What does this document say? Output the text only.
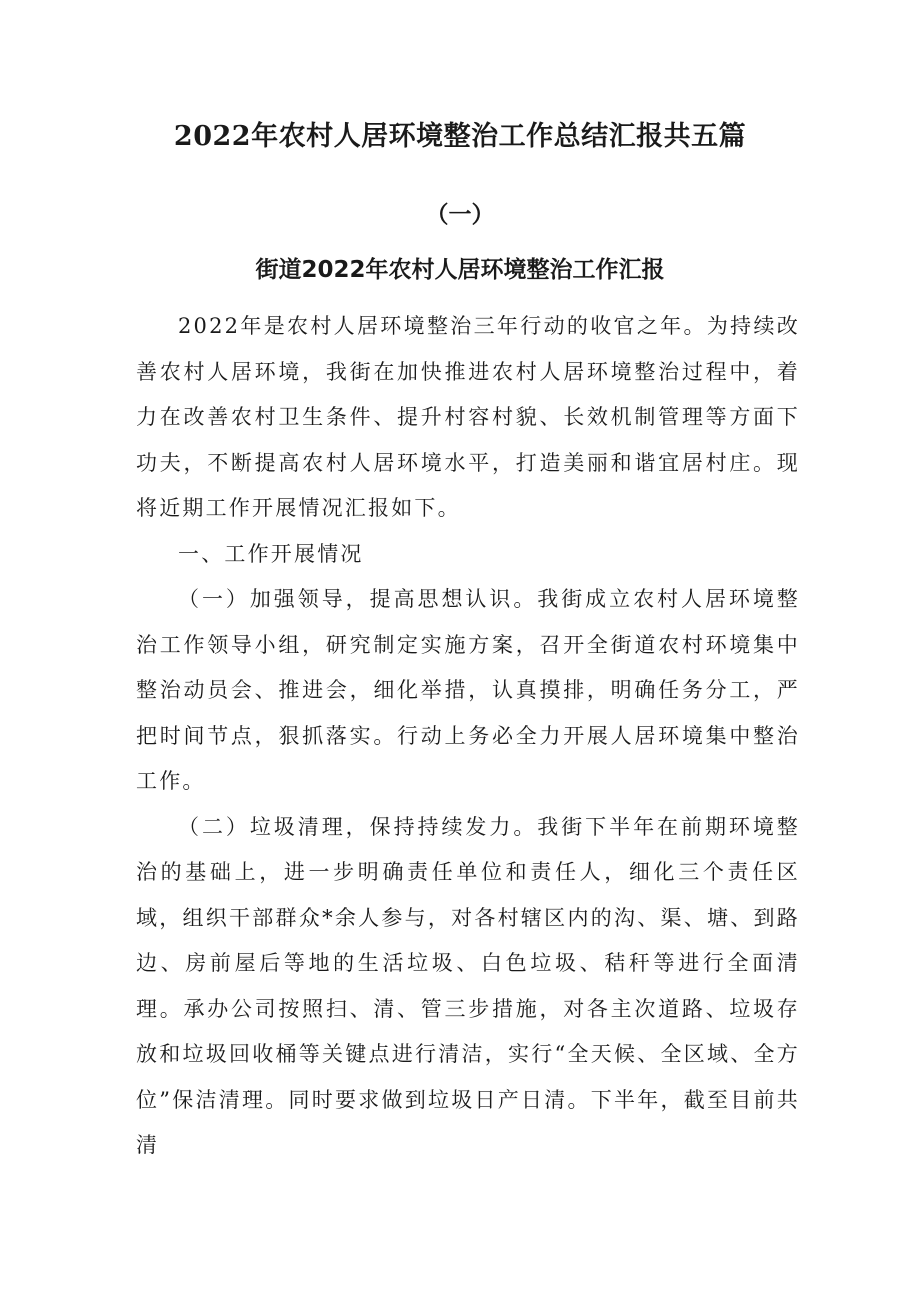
2022年农村人居环境整治工作总结汇报共五篇
（一）
街道2022年农村人居环境整治工作汇报

2022年是农村人居环境整治三年行动的收官之年。为持续改善农村人居环境，我街在加快推进农村人居环境整治过程中，着力在改善农村卫生条件、提升村容村貌、长效机制管理等方面下功夫，不断提高农村人居环境水平，打造美丽和谐宜居村庄。现将近期工作开展情况汇报如下。

一、工作开展情况

（一）加强领导，提高思想认识。我街成立农村人居环境整治工作领导小组，研究制定实施方案，召开全街道农村环境集中整治动员会、推进会，细化举措，认真摸排，明确任务分工，严把时间节点，狠抓落实。行动上务必全力开展人居环境集中整治工作。

（二）垃圾清理，保持持续发力。我街下半年在前期环境整治的基础上，进一步明确责任单位和责任人，细化三个责任区域，组织干部群众*余人参与，对各村辖区内的沟、渠、塘、到路边、房前屋后等地的生活垃圾、白色垃圾、秸秆等进行全面清理。承办公司按照扫、清、管三步措施，对各主次道路、垃圾存放和垃圾回收桶等关键点进行清洁，实行“全天候、全区域、全方位”保洁清理。同时要求做到垃圾日产日清。下半年，截至目前共清
